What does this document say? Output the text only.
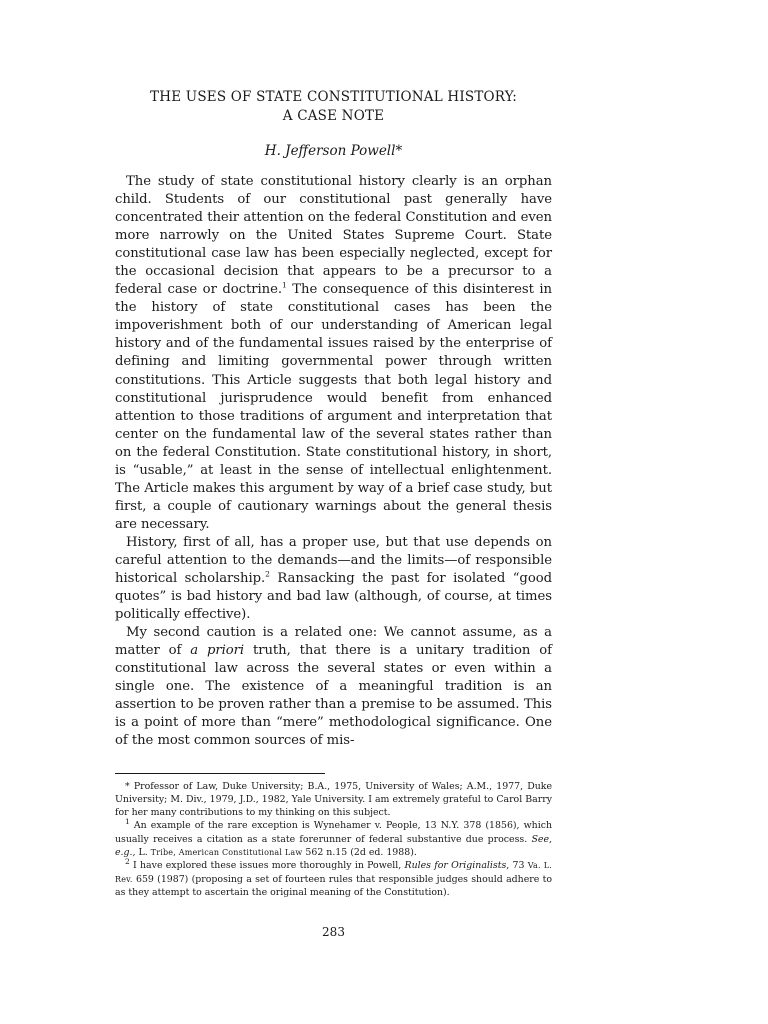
THE USES OF STATE CONSTITUTIONAL HISTORY:
A CASE NOTE
H. Jefferson Powell*

The study of state constitutional history clearly is an orphan child. Students of our constitutional past generally have concentrated their attention on the federal Constitution and even more narrowly on the United States Supreme Court. State constitutional case law has been especially neglected, except for the occasional decision that appears to be a precursor to a federal case or doctrine.$^1$ The consequence of this disinterest in the history of state constitutional cases has been the impoverishment both of our understanding of American legal history and of the fundamental issues raised by the enterprise of defining and limiting governmental power through written constitutions. This Article suggests that both legal history and constitutional jurisprudence would benefit from enhanced attention to those traditions of argument and interpretation that center on the fundamental law of the several states rather than on the federal Constitution. State constitutional history, in short, is “usable,” at least in the sense of intellectual enlightenment. The Article makes this argument by way of a brief case study, but first, a couple of cautionary warnings about the general thesis are necessary.

History, first of all, has a proper use, but that use depends on careful attention to the demands—and the limits—of responsible historical scholarship.$^2$ Ransacking the past for isolated “good quotes” is bad history and bad law (although, of course, at times politically effective).

My second caution is a related one: We cannot assume, as a matter of a priori truth, that there is a unitary tradition of constitutional law across the several states or even within a single one. The existence of a meaningful tradition is an assertion to be proven rather than a premise to be assumed. This is a point of more than “mere” methodological significance. One of the most common sources of mis-

* Professor of Law, Duke University; B.A., 1975, University of Wales; A.M., 1977, Duke University; M. Div., 1979, J.D., 1982, Yale University. I am extremely grateful to Carol Barry for her many contributions to my thinking on this subject.

$^1$ An example of the rare exception is Wynehamer v. People, 13 N.Y. 378 (1856), which usually receives a citation as a state forerunner of federal substantive due process. See, e.g., L. Tribe, American Constitutional Law 562 n.15 (2d ed. 1988).

$^2$ I have explored these issues more thoroughly in Powell, Rules for Originalists, 73 Va. L. Rev. 659 (1987) (proposing a set of fourteen rules that responsible judges should adhere to as they attempt to ascertain the original meaning of the Constitution).

283
